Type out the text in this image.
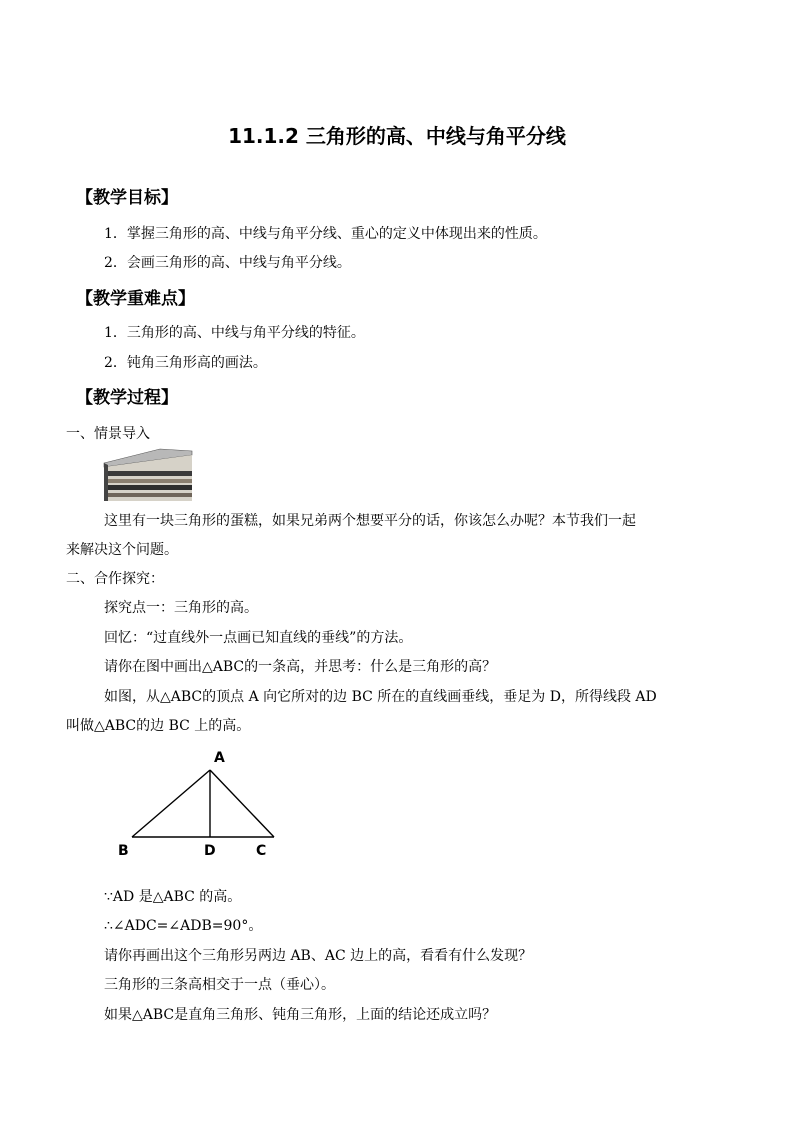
11.1.2 三角形的高、中线与角平分线
【教学目标】
1．掌握三角形的高、中线与角平分线、重心的定义中体现出来的性质。
2．会画三角形的高、中线与角平分线。
【教学重难点】
1．三角形的高、中线与角平分线的特征。
2．钝角三角形高的画法。
【教学过程】
一、情景导入
这里有一块三角形的蛋糕，如果兄弟两个想要平分的话，你该怎么办呢？本节我们一起
来解决这个问题。
二、合作探究：
探究点一：三角形的高。
回忆：“过直线外一点画已知直线的垂线”的方法。
请你在图中画出△ABC的一条高，并思考：什么是三角形的高？
如图，从△ABC的顶点 A 向它所对的边 BC 所在的直线画垂线，垂足为 D，所得线段 AD
叫做△ABC的边 BC 上的高。
A
B	D	C
∵AD 是△ABC 的高。
∴∠ADC=∠ADB=90°。
请你再画出这个三角形另两边 AB、AC 边上的高，看看有什么发现？
三角形的三条高相交于一点（垂心）。
如果△ABC是直角三角形、钝角三角形，上面的结论还成立吗？
